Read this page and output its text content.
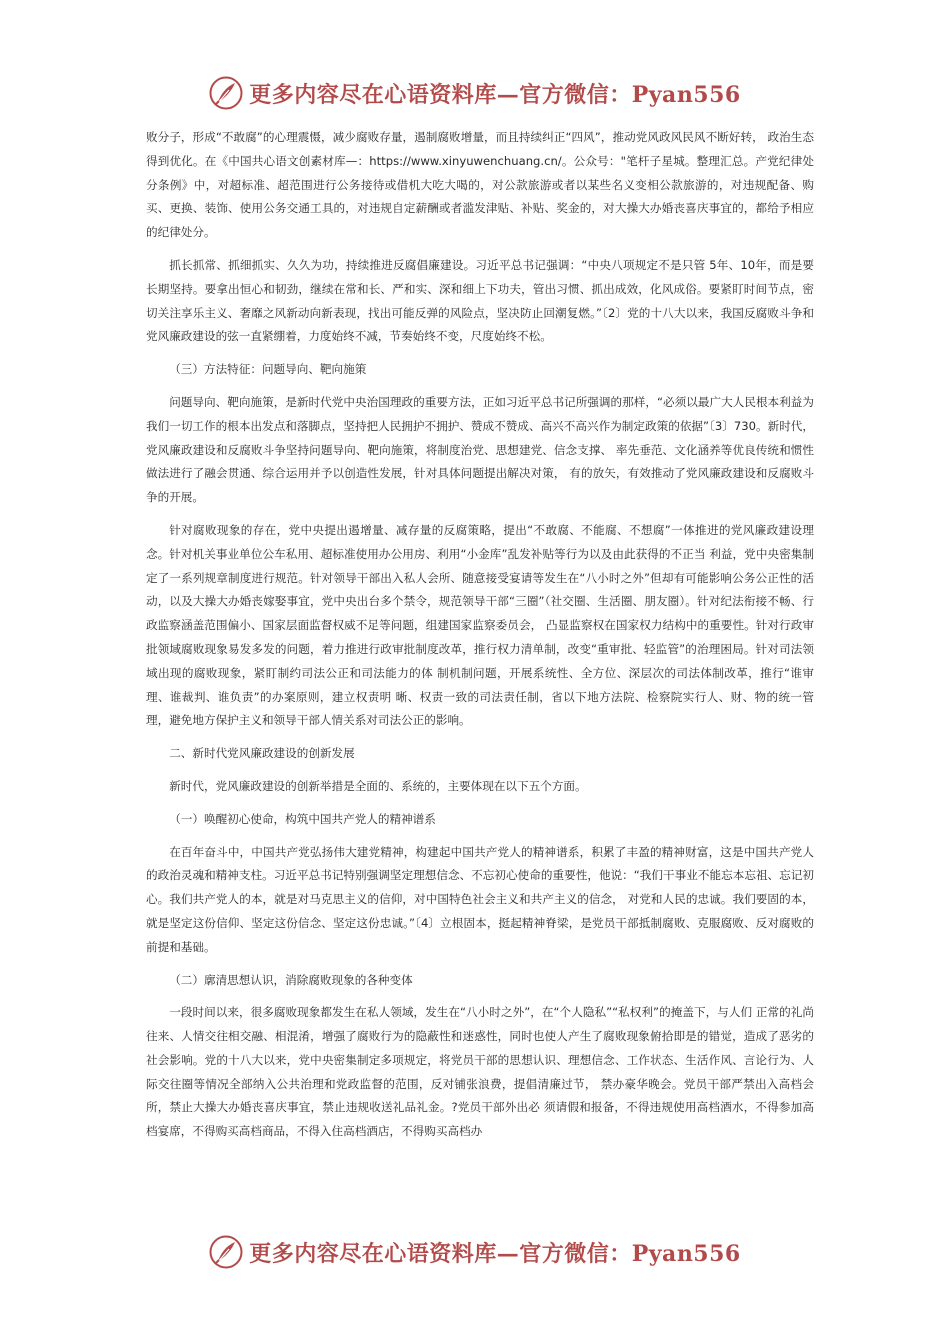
更多内容尽在心语资料库—官方微信：Pyan556

败分子，形成“不敢腐”的心理震慑，减少腐败存量，遏制腐败增量，而且持续纠正“四风”，推动党风政风民风不断好转， 政治生态得到优化。在《中国共心语文创素材库—：https://www.xinyuwenchuang.cn/。公众号："笔杆子星城。整理汇总。产党纪律处分条例》中，对超标准、超范围进行公务接待或借机大吃大喝的，对公款旅游或者以某些名义变相公款旅游的，对违规配备、购买、更换、装饰、使用公务交通工具的，对违规自定薪酬或者滥发津贴、补贴、奖金的，对大操大办婚丧喜庆事宜的，都给予相应的纪律处分。

抓长抓常、抓细抓实、久久为功，持续推进反腐倡廉建设。习近平总书记强调：“中央八项规定不是只管 5年、10年，而是要长期坚持。要拿出恒心和韧劲，继续在常和长、严和实、深和细上下功夫，管出习惯、抓出成效，化风成俗。要紧盯时间节点，密切关注享乐主义、奢靡之风新动向新表现，找出可能反弹的风险点，坚决防止回潮复燃。”〔2〕党的十八大以来，我国反腐败斗争和党风廉政建设的弦一直紧绷着，力度始终不减，节奏始终不变，尺度始终不松。

（三）方法特征：问题导向、靶向施策

问题导向、靶向施策，是新时代党中央治国理政的重要方法，正如习近平总书记所强调的那样，“必须以最广大人民根本利益为我们一切工作的根本出发点和落脚点，坚持把人民拥护不拥护、赞成不赞成、高兴不高兴作为制定政策的依据”〔3〕730。新时代，党风廉政建设和反腐败斗争坚持问题导向、靶向施策，将制度治党、思想建党、信念支撑、 率先垂范、文化涵养等优良传统和惯性做法进行了融会贯通、综合运用并予以创造性发展，针对具体问题提出解决对策， 有的放矢，有效推动了党风廉政建设和反腐败斗争的开展。

针对腐败现象的存在，党中央提出遏增量、减存量的反腐策略，提出“不敢腐、不能腐、不想腐”一体推进的党风廉政建设理念。针对机关事业单位公车私用、超标准使用办公用房、利用“小金库”乱发补贴等行为以及由此获得的不正当 利益，党中央密集制定了一系列规章制度进行规范。针对领导干部出入私人会所、随意接受宴请等发生在“八小时之外”但却有可能影响公务公正性的活动，以及大操大办婚丧嫁娶事宜，党中央出台多个禁令，规范领导干部“三圈”（社交圈、生活圈、朋友圈）。针对纪法衔接不畅、行政监察涵盖范围偏小、国家层面监督权威不足等问题，组建国家监察委员会， 凸显监察权在国家权力结构中的重要性。针对行政审批领域腐败现象易发多发的问题，着力推进行政审批制度改革，推行权力清单制，改变“重审批、轻监管”的治理困局。针对司法领域出现的腐败现象，紧盯制约司法公正和司法能力的体 制机制问题，开展系统性、全方位、深层次的司法体制改革，推行“谁审理、谁裁判、谁负责”的办案原则，建立权责明 晰、权责一致的司法责任制，省以下地方法院、检察院实行人、财、物的统一管理，避免地方保护主义和领导干部人情关系对司法公正的影响。

二、新时代党风廉政建设的创新发展

新时代，党风廉政建设的创新举措是全面的、系统的，主要体现在以下五个方面。

（一）唤醒初心使命，构筑中国共产党人的精神谱系

在百年奋斗中，中国共产党弘扬伟大建党精神，构建起中国共产党人的精神谱系，积累了丰盈的精神财富，这是中国共产党人的政治灵魂和精神支柱。习近平总书记特别强调坚定理想信念、不忘初心使命的重要性，他说：“我们干事业不能忘本忘祖、忘记初心。我们共产党人的本，就是对马克思主义的信仰，对中国特色社会主义和共产主义的信念， 对党和人民的忠诚。我们要固的本，就是坚定这份信仰、坚定这份信念、坚定这份忠诚。”〔4〕立根固本，挺起精神脊梁，是党员干部抵制腐败、克服腐败、反对腐败的前提和基础。

（二）廓清思想认识，消除腐败现象的各种变体

一段时间以来，很多腐败现象都发生在私人领域，发生在“八小时之外”，在“个人隐私”“私权利”的掩盖下，与人们 正常的礼尚往来、人情交往相交融、相混淆，增强了腐败行为的隐蔽性和迷惑性，同时也使人产生了腐败现象俯拾即是的错觉，造成了恶劣的社会影响。党的十八大以来，党中央密集制定多项规定，将党员干部的思想认识、理想信念、工作状态、生活作风、言论行为、人际交往圈等情况全部纳入公共治理和党政监督的范围，反对铺张浪费，提倡清廉过节， 禁办豪华晚会。党员干部严禁出入高档会所，禁止大操大办婚丧喜庆事宜，禁止违规收送礼品礼金。?党员干部外出必 须请假和报备，不得违规使用高档酒水，不得参加高档宴席，不得购买高档商品，不得入住高档酒店，不得购买高档办

更多内容尽在心语资料库—官方微信：Pyan556
